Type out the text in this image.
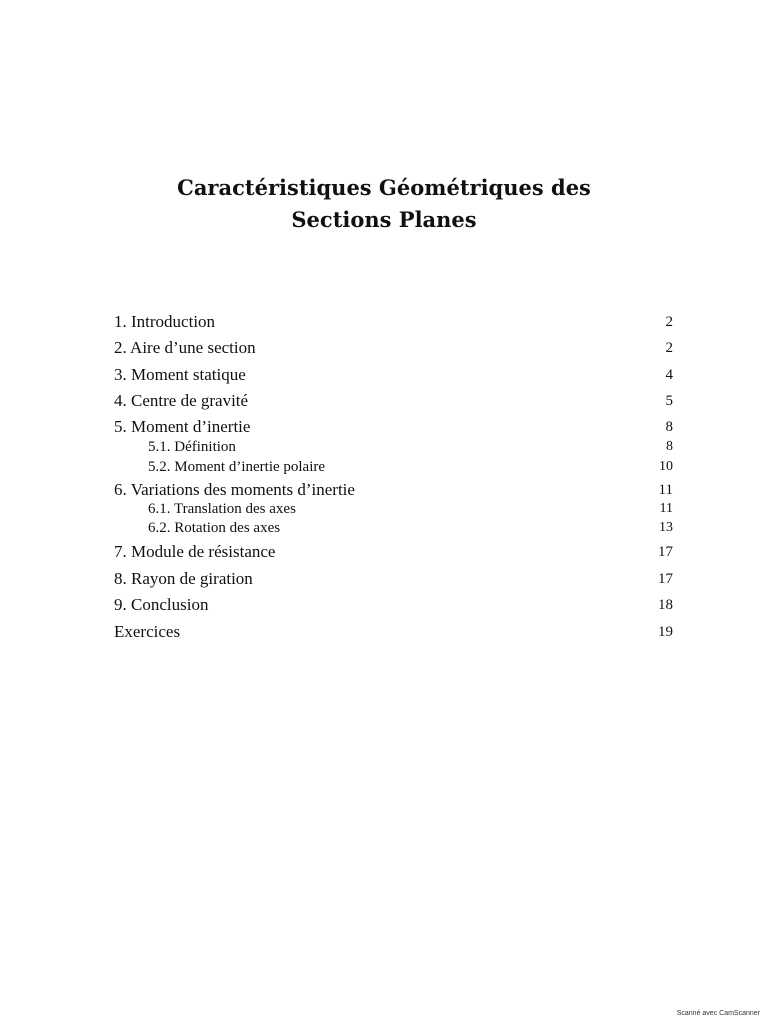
Caractéristiques Géométriques des
Sections Planes
1. Introduction	2
2. Aire d’une section	2
3. Moment statique	4
4. Centre de gravité	5
5. Moment d’inertie	8
5.1. Définition	8
5.2. Moment d’inertie polaire	10
6. Variations des moments d’inertie	11
6.1. Translation des axes	11
6.2. Rotation des axes	13
7. Module de résistance	17
8. Rayon de giration	17
9. Conclusion	18
Exercices	19
Scanné avec CamScanner
